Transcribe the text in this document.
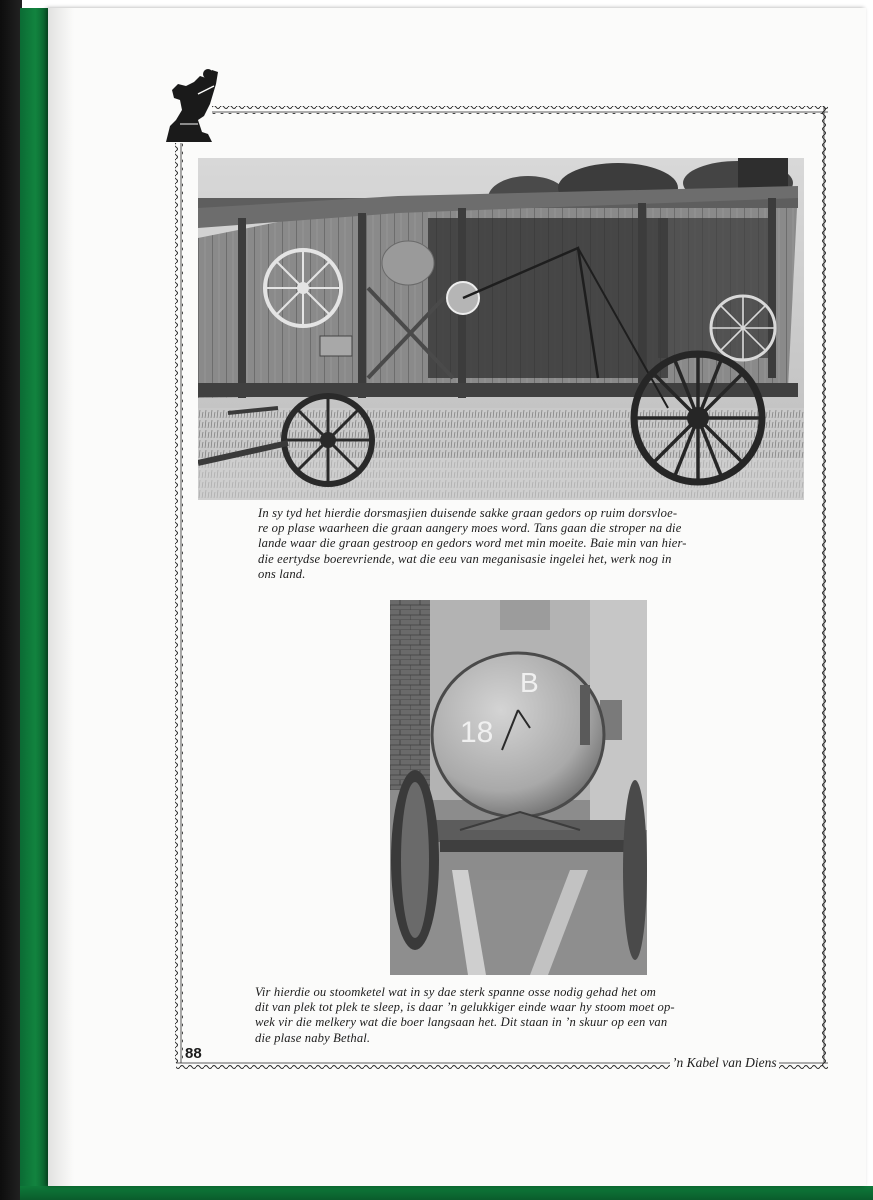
In sy tyd het hierdie dorsmasjien duisende sakke graan gedors op ruim dorsvloe-
re op plase waarheen die graan aangery moes word. Tans gaan die stroper na die
lande waar die graan gestroop en gedors word met min moeite. Baie min van hier-
die eertydse boerevriende, wat die eeu van meganisasie ingelei het, werk nog in
ons land.

B
18

Vir hierdie ou stoomketel wat in sy dae sterk spanne osse nodig gehad het om
dit van plek tot plek te sleep, is daar ’n gelukkiger einde waar hy stoom moet op-
wek vir die melkery wat die boer langsaan het. Dit staan in ’n skuur op een van
die plase naby Bethal.

88
’n Kabel van Diens
